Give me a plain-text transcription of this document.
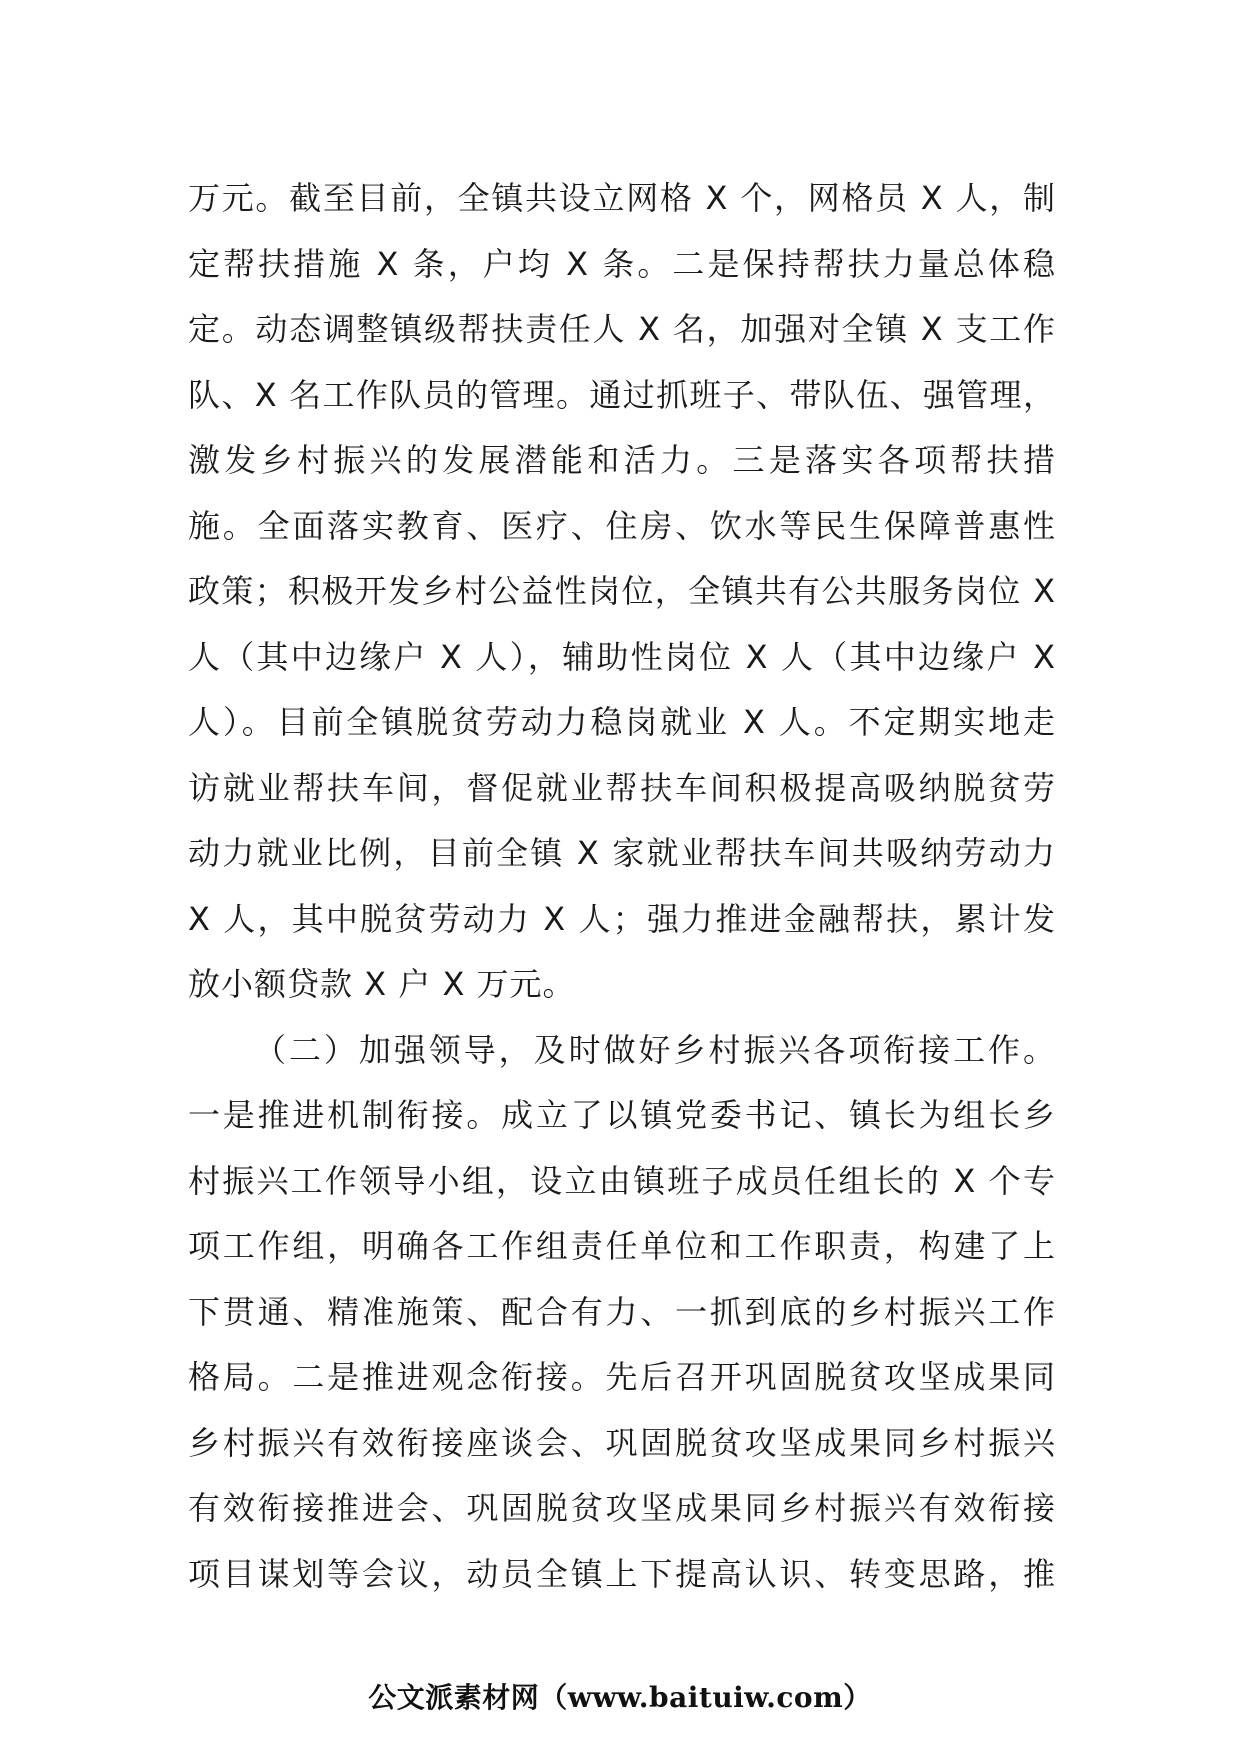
万元。截至目前，全镇共设立网格 X 个，网格员 X 人，制
定帮扶措施 X 条，户均 X 条。二是保持帮扶力量总体稳
定。动态调整镇级帮扶责任人 X 名，加强对全镇 X 支工作
队、X 名工作队员的管理。通过抓班子、带队伍、强管理，
激发乡村振兴的发展潜能和活力。三是落实各项帮扶措
施。全面落实教育、医疗、住房、饮水等民生保障普惠性
政策；积极开发乡村公益性岗位，全镇共有公共服务岗位 X
人（其中边缘户 X 人），辅助性岗位 X 人（其中边缘户 X
人）。目前全镇脱贫劳动力稳岗就业 X 人。不定期实地走
访就业帮扶车间，督促就业帮扶车间积极提高吸纳脱贫劳
动力就业比例，目前全镇 X 家就业帮扶车间共吸纳劳动力
X 人，其中脱贫劳动力 X 人；强力推进金融帮扶，累计发
放小额贷款 X 户 X 万元。
（二）加强领导，及时做好乡村振兴各项衔接工作。
一是推进机制衔接。成立了以镇党委书记、镇长为组长乡
村振兴工作领导小组，设立由镇班子成员任组长的 X 个专
项工作组，明确各工作组责任单位和工作职责，构建了上
下贯通、精准施策、配合有力、一抓到底的乡村振兴工作
格局。二是推进观念衔接。先后召开巩固脱贫攻坚成果同
乡村振兴有效衔接座谈会、巩固脱贫攻坚成果同乡村振兴
有效衔接推进会、巩固脱贫攻坚成果同乡村振兴有效衔接
项目谋划等会议，动员全镇上下提高认识、转变思路，推
公文派素材网（www.baituiw.com）
